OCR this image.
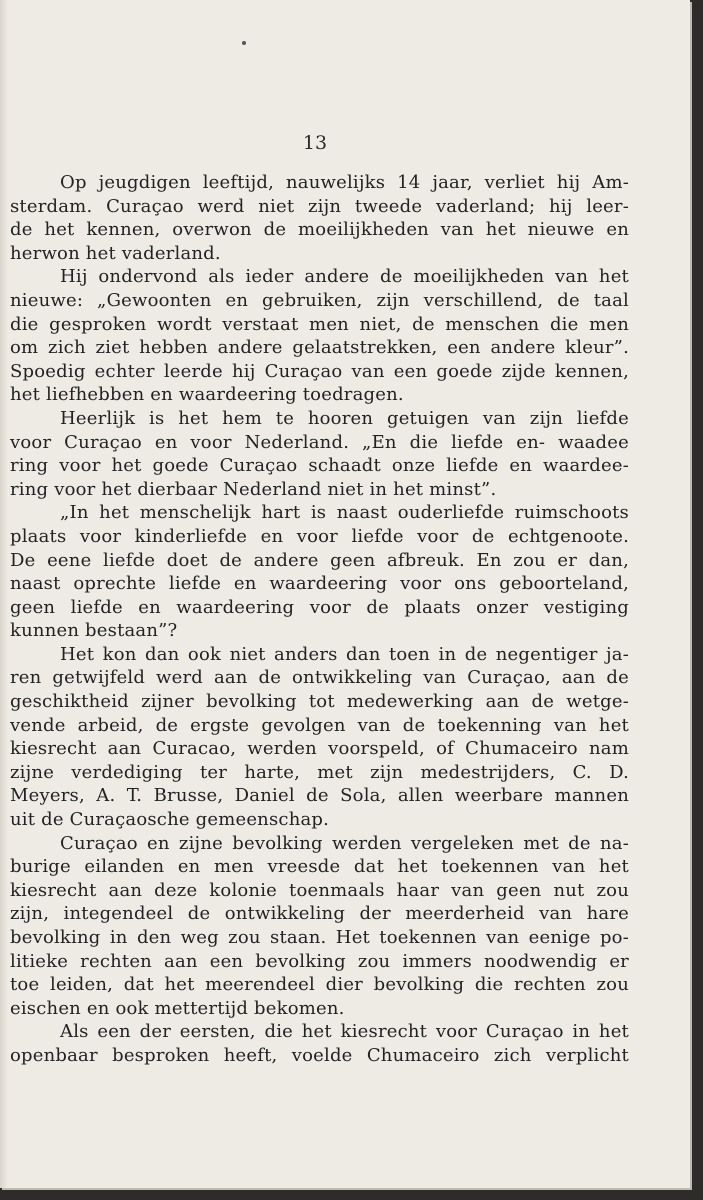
13
Op jeugdigen leeftijd, nauwelijks 14 jaar, verliet hij Am-
sterdam. Curaçao werd niet zijn tweede vaderland; hij leer-
de het kennen, overwon de moeilijkheden van het nieuwe en
herwon het vaderland.
Hij ondervond als ieder andere de moeilijkheden van het
nieuwe: „Gewoonten en gebruiken, zijn verschillend, de taal
die gesproken wordt verstaat men niet, de menschen die men
om zich ziet hebben andere gelaatstrekken, een andere kleur”.
Spoedig echter leerde hij Curaçao van een goede zijde kennen,
het liefhebben en waardeering toedragen.
Heerlijk is het hem te hooren getuigen van zijn liefde
voor Curaçao en voor Nederland. „En die liefde en- waadee
ring voor het goede Curaçao schaadt onze liefde en waardee-
ring voor het dierbaar Nederland niet in het minst”.
„In het menschelijk hart is naast ouderliefde ruimschoots
plaats voor kinderliefde en voor liefde voor de echtgenoote.
De eene liefde doet de andere geen afbreuk. En zou er dan,
naast oprechte liefde en waardeering voor ons geboorteland,
geen liefde en waardeering voor de plaats onzer vestiging
kunnen bestaan”?
Het kon dan ook niet anders dan toen in de negentiger ja-
ren getwijfeld werd aan de ontwikkeling van Curaçao, aan de
geschiktheid zijner bevolking tot medewerking aan de wetge-
vende arbeid, de ergste gevolgen van de toekenning van het
kiesrecht aan Curacao, werden voorspeld, of Chumaceiro nam
zijne verdediging ter harte, met zijn medestrijders, C. D.
Meyers, A. T. Brusse, Daniel de Sola, allen weerbare mannen
uit de Curaçaosche gemeenschap.
Curaçao en zijne bevolking werden vergeleken met de na-
burige eilanden en men vreesde dat het toekennen van het
kiesrecht aan deze kolonie toenmaals haar van geen nut zou
zijn, integendeel de ontwikkeling der meerderheid van hare
bevolking in den weg zou staan. Het toekennen van eenige po-
litieke rechten aan een bevolking zou immers noodwendig er
toe leiden, dat het meerendeel dier bevolking die rechten zou
eischen en ook mettertijd bekomen.
Als een der eersten, die het kiesrecht voor Curaçao in het
openbaar besproken heeft, voelde Chumaceiro zich verplicht
